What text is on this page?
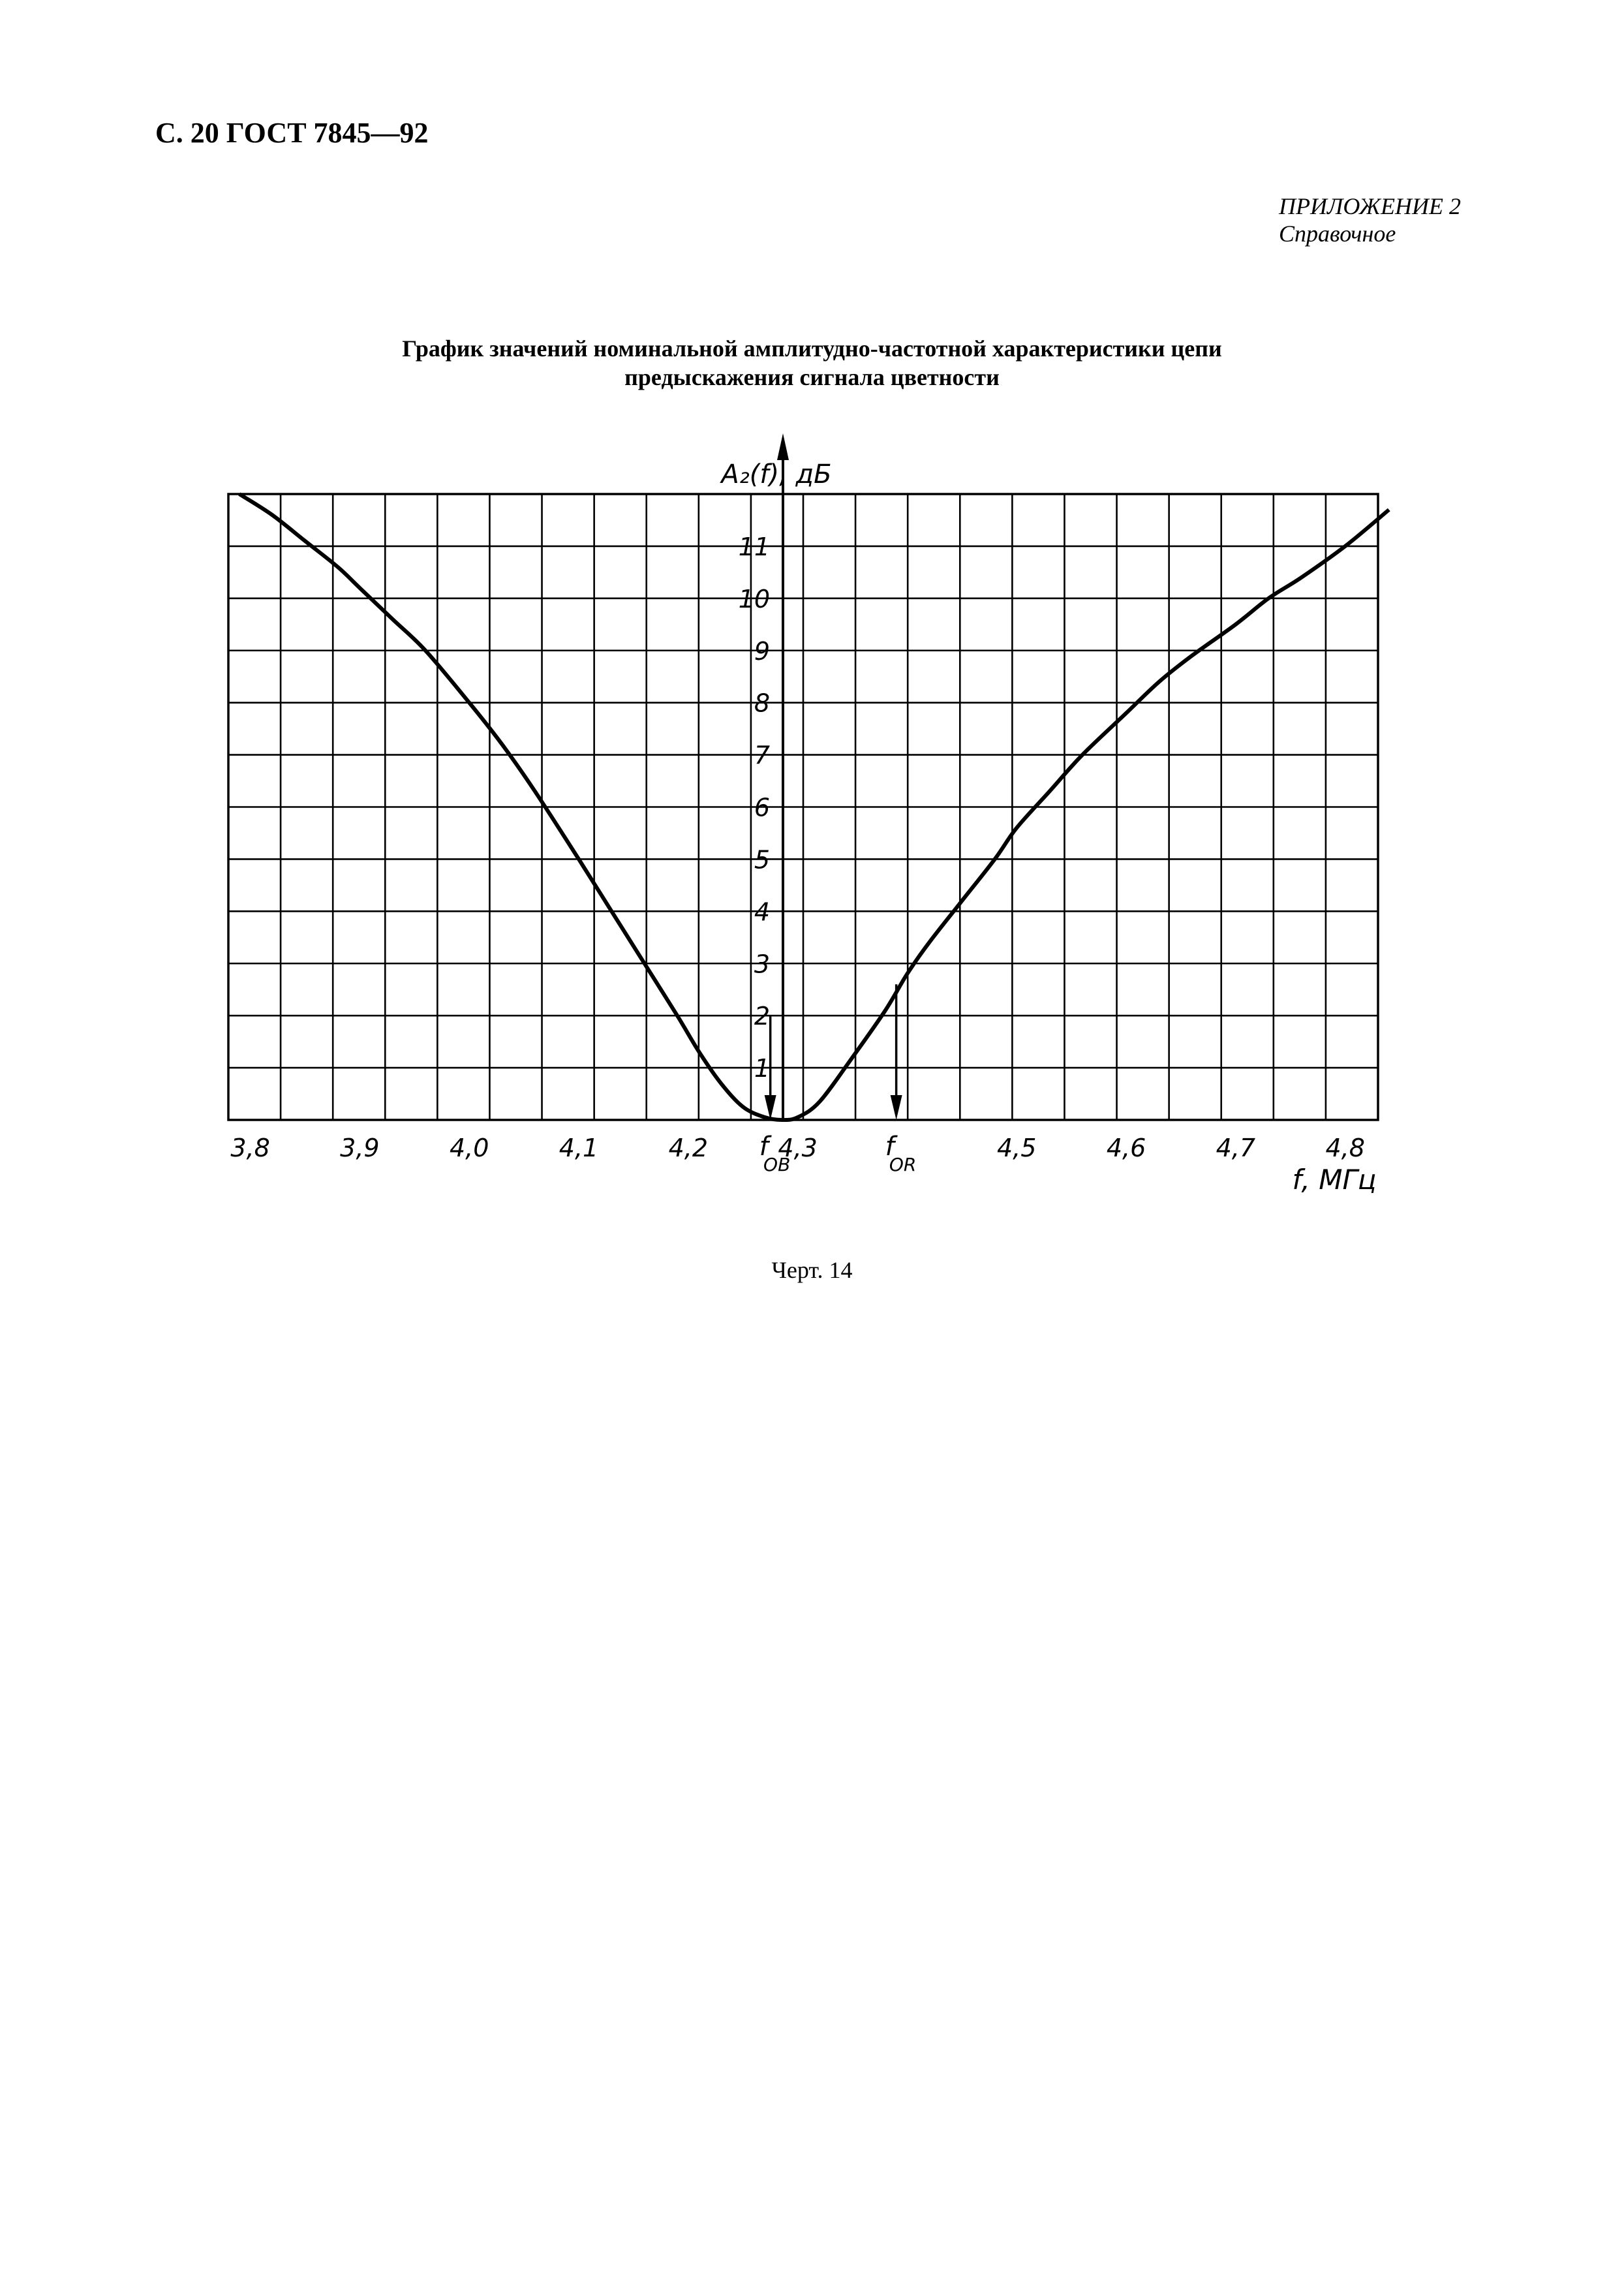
С. 20 ГОСТ 7845—92
ПРИЛОЖЕНИЕ 2
Справочное
График значений номинальной амплитудно-частотной характеристики цепи
предыскажения сигнала цветности
1
2
3
4
5
6
7
8
9
10
11
A₂(f), дБ
3,8	3,9	4,0	4,1	4,2	4,3	4,5	4,6	4,7	4,8
f, МГц
f
OB
f
OR
Черт. 14
